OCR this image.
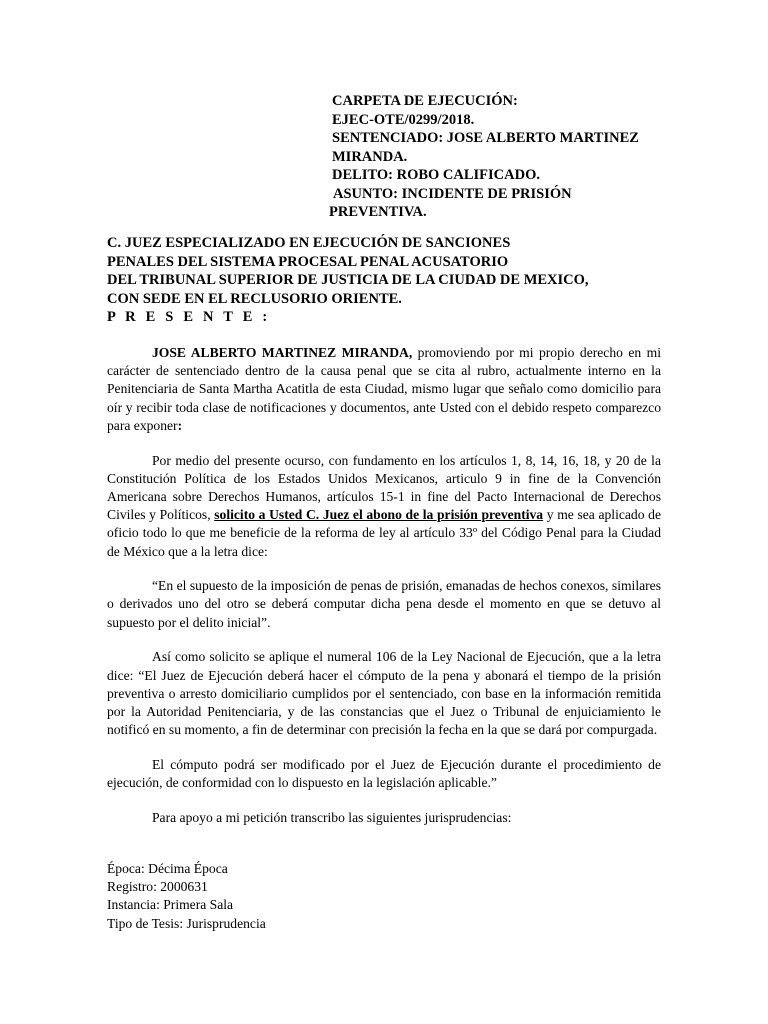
CARPETA DE EJECUCIÓN:
EJEC-OTE/0299/2018.
SENTENCIADO: JOSE ALBERTO MARTINEZ
MIRANDA.
DELITO: ROBO CALIFICADO.
ASUNTO: INCIDENTE DE PRISIÓN
PREVENTIVA.
C. JUEZ ESPECIALIZADO EN EJECUCIÓN DE SANCIONES
PENALES DEL SISTEMA PROCESAL PENAL ACUSATORIO
DEL TRIBUNAL SUPERIOR DE JUSTICIA DE LA CIUDAD DE MEXICO,
CON SEDE EN EL RECLUSORIO ORIENTE.
P R E S E N T E :

JOSE ALBERTO MARTINEZ MIRANDA, promoviendo por mi propio derecho en mi carácter de sentenciado dentro de la causa penal que se cita al rubro, actualmente interno en la Penitenciaria de Santa Martha Acatitla de esta Ciudad, mismo lugar que señalo como domicilio para oír y recibir toda clase de notificaciones y documentos, ante Usted con el debido respeto comparezco para exponer:

Por medio del presente ocurso, con fundamento en los artículos 1, 8, 14, 16, 18, y 20 de la Constitución Política de los Estados Unidos Mexicanos, articulo 9 in fine de la Convención Americana sobre Derechos Humanos, artículos 15-1 in fine del Pacto Internacional de Derechos Civiles y Políticos, solicito a Usted C. Juez el abono de la prisión preventiva y me sea aplicado de oficio todo lo que me beneficie de la reforma de ley al artículo 33º del Código Penal para la Ciudad de México que a la letra dice:

“En el supuesto de la imposición de penas de prisión, emanadas de hechos conexos, similares o derivados uno del otro se deberá computar dicha pena desde el momento en que se detuvo al supuesto por el delito inicial”.

Así como solicito se aplique el numeral 106 de la Ley Nacional de Ejecución, que a la letra dice: “El Juez de Ejecución deberá hacer el cómputo de la pena y abonará el tiempo de la prisión preventiva o arresto domiciliario cumplidos por el sentenciado, con base en la información remitida por la Autoridad Penitenciaria, y de las constancias que el Juez o Tribunal de enjuiciamiento le notificó en su momento, a fin de determinar con precisión la fecha en la que se dará por compurgada.

El cómputo podrá ser modificado por el Juez de Ejecución durante el procedimiento de ejecución, de conformidad con lo dispuesto en la legislación aplicable.”

Para apoyo a mi petición transcribo las siguientes jurisprudencias:

Época: Décima Época
Registro: 2000631
Instancia: Primera Sala
Tipo de Tesis: Jurisprudencia
